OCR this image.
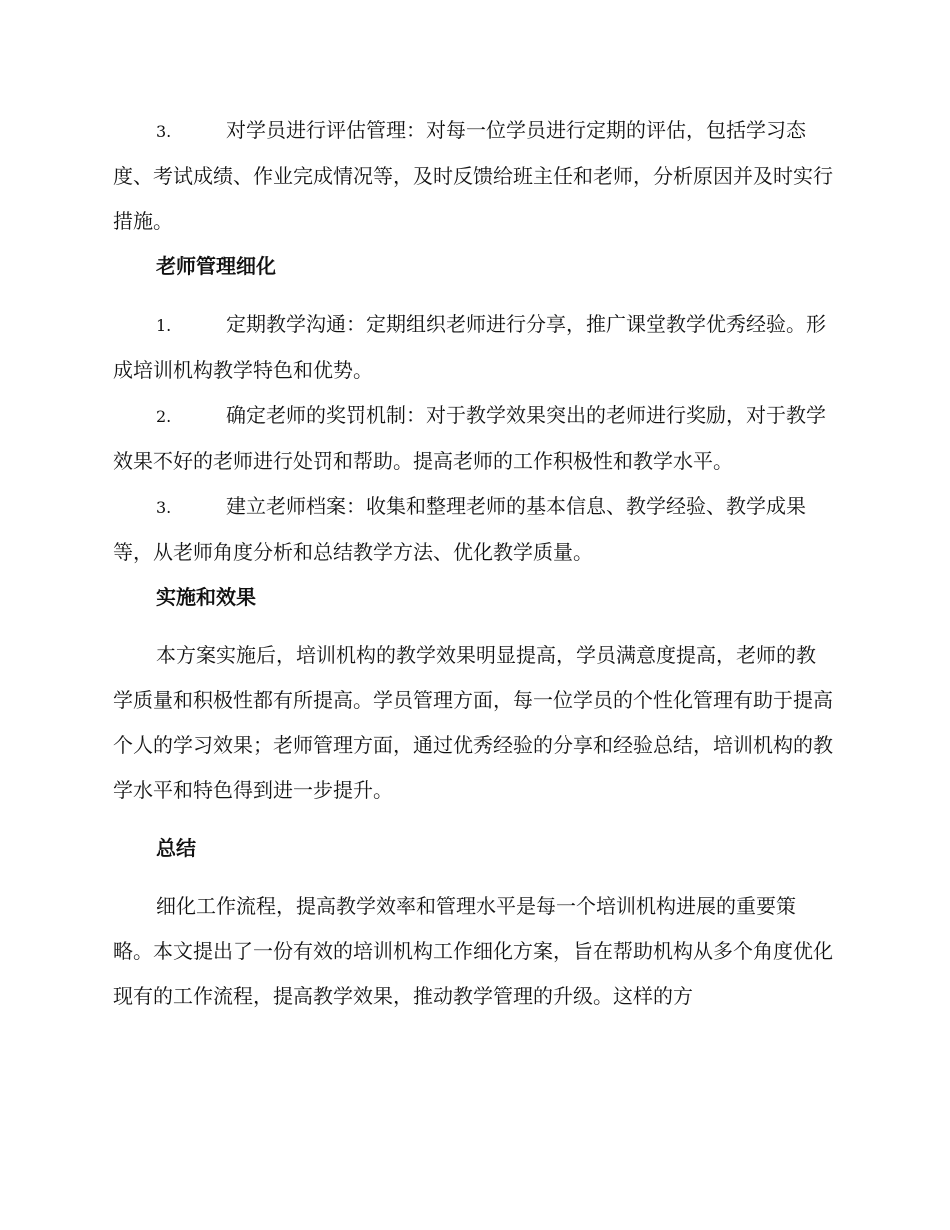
3.	对学员进行评估管理：对每一位学员进行定期的评估，包括学习态度、考试成绩、作业完成情况等，及时反馈给班主任和老师，分析原因并及时实行措施。
老师管理细化
1.	定期教学沟通：定期组织老师进行分享，推广课堂教学优秀经验。形成培训机构教学特色和优势。
2.	确定老师的奖罚机制：对于教学效果突出的老师进行奖励，对于教学效果不好的老师进行处罚和帮助。提高老师的工作积极性和教学水平。
3.	建立老师档案：收集和整理老师的基本信息、教学经验、教学成果等，从老师角度分析和总结教学方法、优化教学质量。
实施和效果
本方案实施后，培训机构的教学效果明显提高，学员满意度提高，老师的教学质量和积极性都有所提高。学员管理方面，每一位学员的个性化管理有助于提高个人的学习效果；老师管理方面，通过优秀经验的分享和经验总结，培训机构的教学水平和特色得到进一步提升。
总结
细化工作流程，提高教学效率和管理水平是每一个培训机构进展的重要策略。本文提出了一份有效的培训机构工作细化方案，旨在帮助机构从多个角度优化现有的工作流程，提高教学效果，推动教学管理的升级。这样的方
